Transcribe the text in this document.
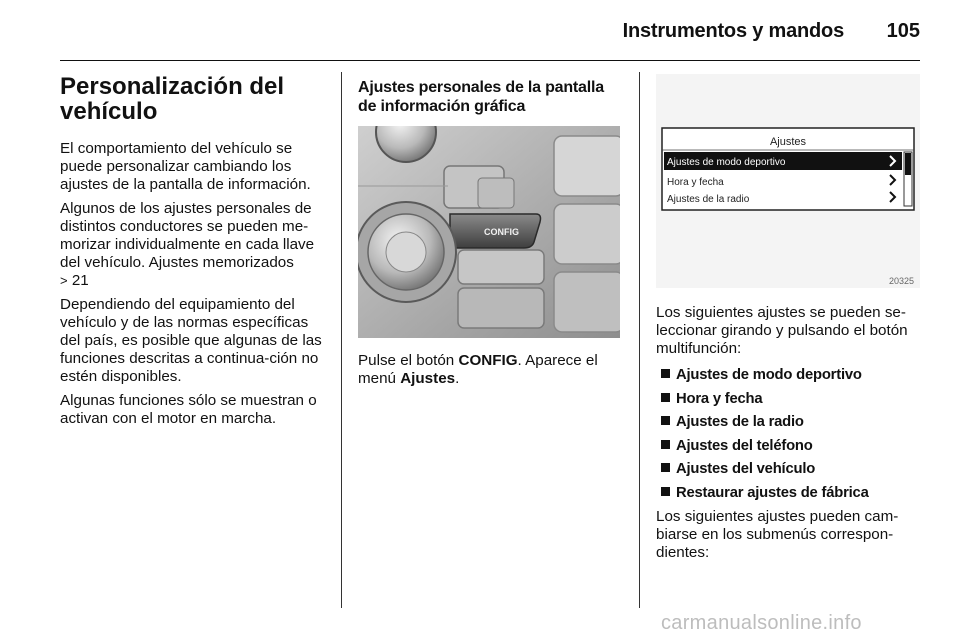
Instrumentos y mandos 105
Personalización del
vehículo

El comportamiento del vehículo se puede personalizar cambiando los ajustes de la pantalla de información.

Algunos de los ajustes personales de distintos conductores se pueden me-morizar individualmente en cada llave del vehículo. Ajustes memorizados
> 21

Dependiendo del equipamiento del vehículo y de las normas específicas del país, es posible que algunas de las funciones descritas a continua-ción no estén disponibles.

Algunas funciones sólo se muestran o activan con el motor en marcha.

Ajustes personales de la pantalla
de información gráfica
CONFIG

Pulse el botón CONFIG. Aparece el menú Ajustes.

Ajustes
Ajustes de modo deportivo
Hora y fecha
Ajustes de la radio
20325

Los siguientes ajustes se pueden se-leccionar girando y pulsando el botón multifunción:

Ajustes de modo deportivo
Hora y fecha
Ajustes de la radio
Ajustes del teléfono
Ajustes del vehículo
Restaurar ajustes de fábrica

Los siguientes ajustes pueden cam-biarse en los submenús correspon-dientes:

carmanualsonline.info
